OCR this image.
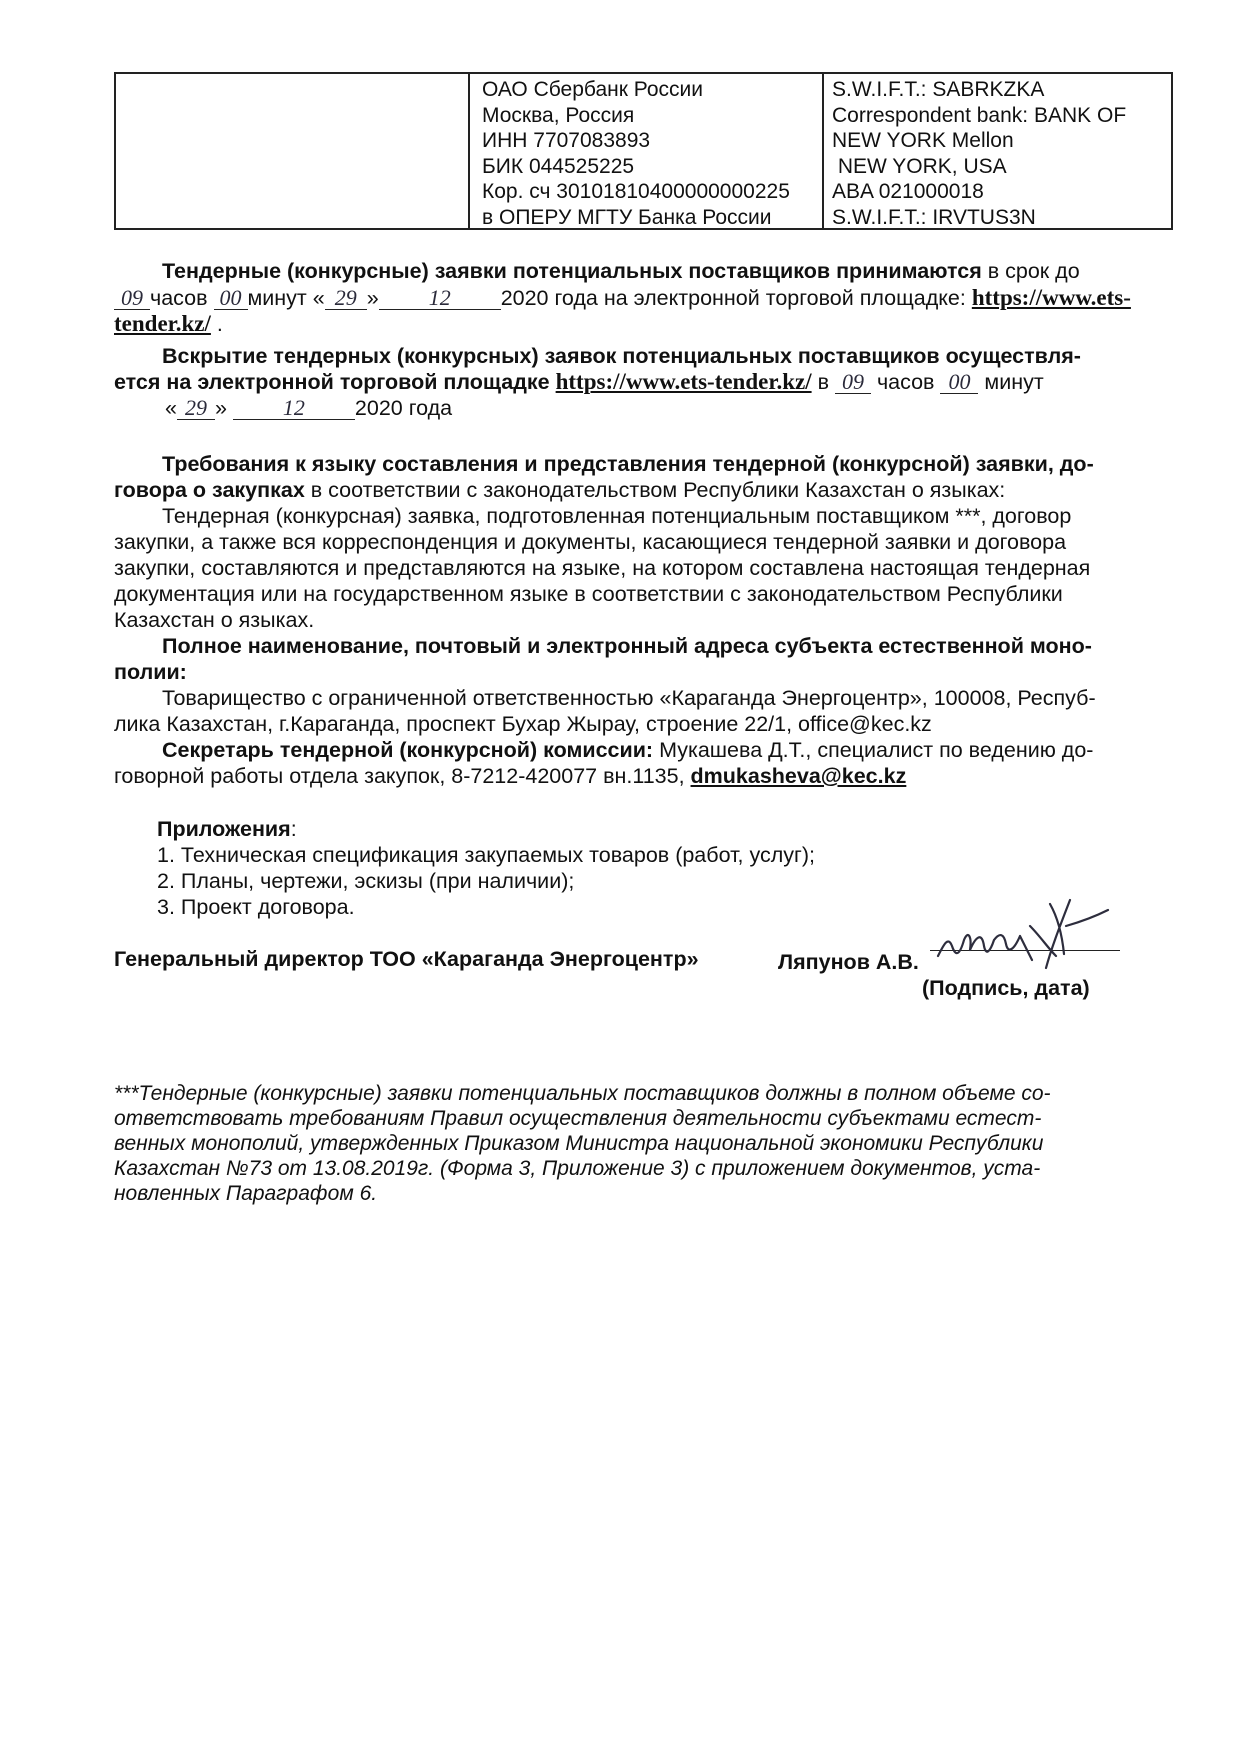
ОАО Сбербанк России
Москва, Россия
ИНН 7707083893
БИК 044525225
Кор. сч 30101810400000000225
в ОПЕРУ МГТУ Банка России
S.W.I.F.T.: SABRKZKA
Correspondent bank: BANK OF
NEW YORK Mellon
NEW YORK, USA
ABA 021000018
S.W.I.F.T.: IRVTUS3N
Тендерные (конкурсные) заявки потенциальных поставщиков принимаются в срок до
09 часов 00 минут « 29 » 12 2020 года на электронной торговой площадке: https://www.ets-
tender.kz/ .
Вскрытие тендерных (конкурсных) заявок потенциальных поставщиков осуществля-
ется на электронной торговой площадке https://www.ets-tender.kz/ в 09 часов 00 минут
« 29 » 12 2020 года
Требования к языку составления и представления тендерной (конкурсной) заявки, до-
говора о закупках в соответствии с законодательством Республики Казахстан о языках:
Тендерная (конкурсная) заявка, подготовленная потенциальным поставщиком ***, договор
закупки, а также вся корреспонденция и документы, касающиеся тендерной заявки и договора
закупки, составляются и представляются на языке, на котором составлена настоящая тендерная
документация или на государственном языке в соответствии с законодательством Республики
Казахстан о языках.
Полное наименование, почтовый и электронный адреса субъекта естественной моно-
полии:
Товарищество с ограниченной ответственностью «Караганда Энергоцентр», 100008, Респуб-
лика Казахстан, г.Караганда, проспект Бухар Жырау, строение 22/1, office@kec.kz
Секретарь тендерной (конкурсной) комиссии: Мукашева Д.Т., специалист по ведению до-
говорной работы отдела закупок, 8-7212-420077 вн.1135, dmukasheva@kec.kz
Приложения:
1. Техническая спецификация закупаемых товаров (работ, услуг);
2. Планы, чертежи, эскизы (при наличии);
3. Проект договора.
Генеральный директор ТОО «Караганда Энергоцентр»	Ляпунов А.В.
(Подпись, дата)
***Тендерные (конкурсные) заявки потенциальных поставщиков должны в полном объеме со-
ответствовать требованиям Правил осуществления деятельности субъектами естест-
венных монополий, утвержденных Приказом Министра национальной экономики Республики
Казахстан №73 от 13.08.2019г. (Форма 3, Приложение 3) с приложением документов, уста-
новленных Параграфом 6.
